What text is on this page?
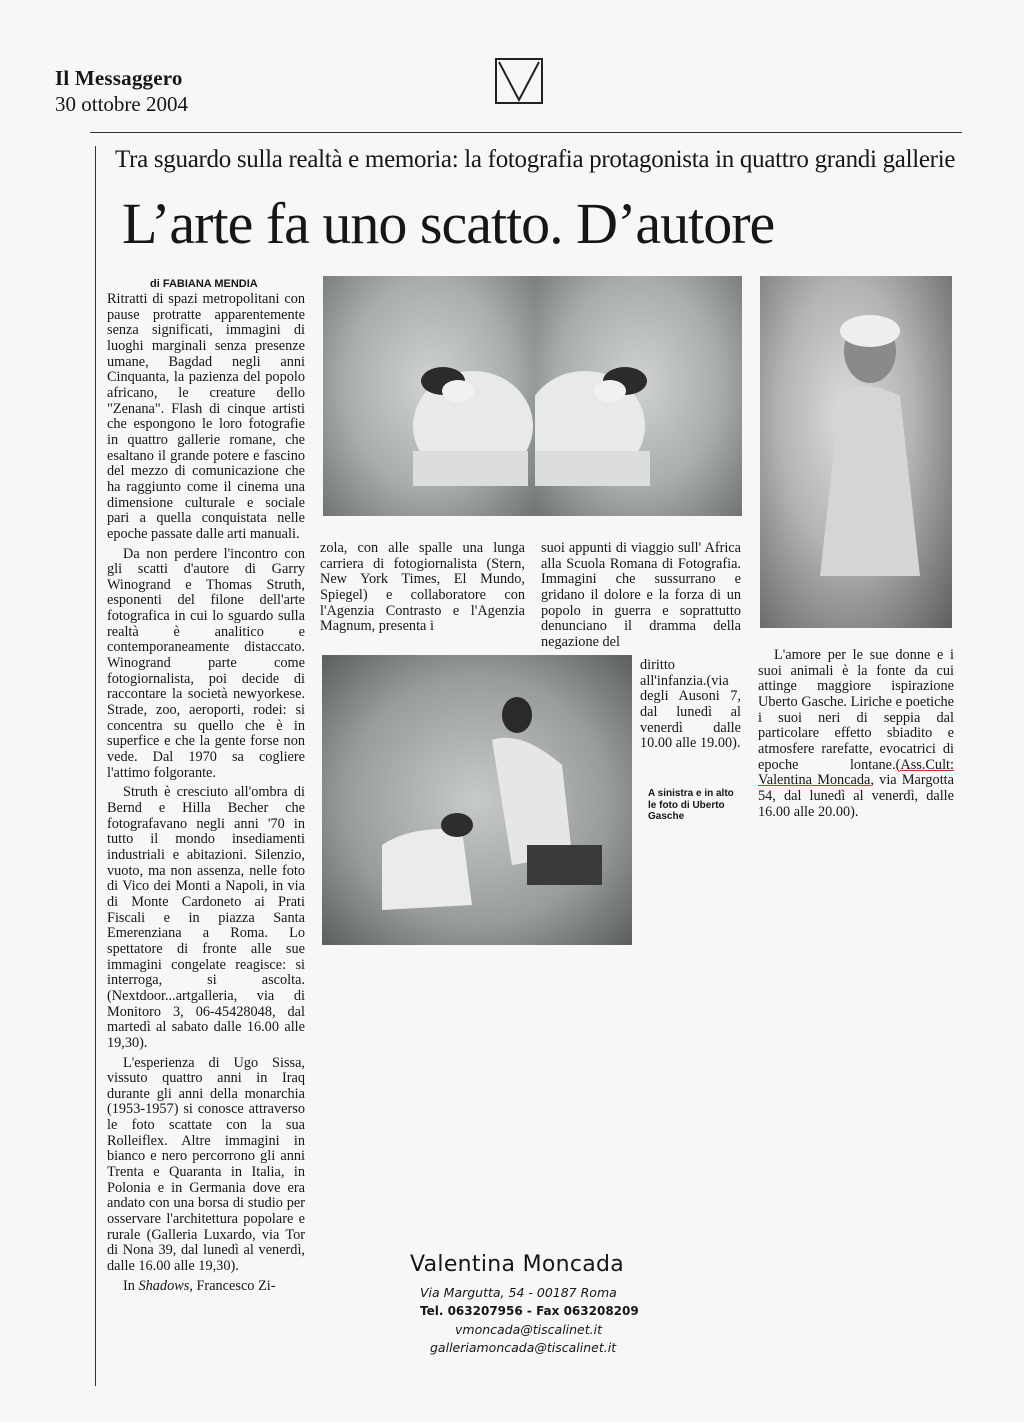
Il Messaggero
30 ottobre 2004
Tra sguardo sulla realtà e memoria: la fotografia protagonista in quattro grandi gallerie
L’arte fa uno scatto. D’autore
di FABIANA MENDIA

Ritratti di spazi metropolitani con pause protratte apparentemente senza significati, immagini di luoghi marginali senza presenze umane, Bagdad negli anni Cinquanta, la pazienza del popolo africano, le creature dello "Zenana". Flash di cinque artisti che espongono le loro fotografie in quattro gallerie romane, che esaltano il grande potere e fascino del mezzo di comunicazione che ha raggiunto come il cinema una dimensione culturale e sociale pari a quella conquistata nelle epoche passate dalle arti manuali.

Da non perdere l'incontro con gli scatti d'autore di Garry Winogrand e Thomas Struth, esponenti del filone dell'arte fotografica in cui lo sguardo sulla realtà è analitico e contemporaneamente distaccato. Winogrand parte come fotogiornalista, poi decide di raccontare la società newyorkese. Strade, zoo, aeroporti, rodei: si concentra su quello che è in superfice e che la gente forse non vede. Dal 1970 sa cogliere l'attimo folgorante.

Struth è cresciuto all'ombra di Bernd e Hilla Becher che fotografavano negli anni '70 in tutto il mondo insediamenti industriali e abitazioni. Silenzio, vuoto, ma non assenza, nelle foto di Vico dei Monti a Napoli, in via di Monte Cardoneto ai Prati Fiscali e in piazza Santa Emerenziana a Roma. Lo spettatore di fronte alle sue immagini congelate reagisce: si interroga, si ascolta. (Nextdoor...artgalleria, via di Monitoro 3, 06-45428048, dal martedì al sabato dalle 16.00 alle 19,30).

L'esperienza di Ugo Sissa, vissuto quattro anni in Iraq durante gli anni della monarchia (1953-1957) si conosce attraverso le foto scattate con la sua Rolleiflex. Altre immagini in bianco e nero percorrono gli anni Trenta e Quaranta in Italia, in Polonia e in Germania dove era andato con una borsa di studio per osservare l'architettura popolare e rurale (Galleria Luxardo, via Tor di Nona 39, dal lunedì al venerdì, dalle 16.00 alle 19,30).

In Shadows, Francesco Zi-

zola, con alle spalle una lunga carriera di fotogiornalista (Stern, New York Times, El Mundo, Spiegel) e collaboratore con l'Agenzia Contrasto e l'Agenzia Magnum, presenta i

suoi appunti di viaggio sull' Africa alla Scuola Romana di Fotografia. Immagini che sussurrano e gridano il dolore e la forza di un popolo in guerra e soprattutto denunciano il dramma della negazione del

diritto all'infanzia.(via degli Ausoni 7, dal lunedì al venerdì dalle 10.00 alle 19.00).

A sinistra e in alto le foto di Uberto Gasche

L'amore per le sue donne e i suoi animali è la fonte da cui attinge maggiore ispirazione Uberto Gasche. Liriche e poetiche i suoi neri di seppia dal particolare effetto sbiadito e atmosfere rarefatte, evocatrici di epoche lontane.(Ass.Cult: Valentina Moncada, via Margotta 54, dal lunedì al venerdì, dalle 16.00 alle 20.00).

Valentina Moncada
Via Margutta, 54 - 00187 Roma
Tel. 063207956 - Fax 063208209
vmoncada@tiscalinet.it
galleriamoncada@tiscalinet.it
